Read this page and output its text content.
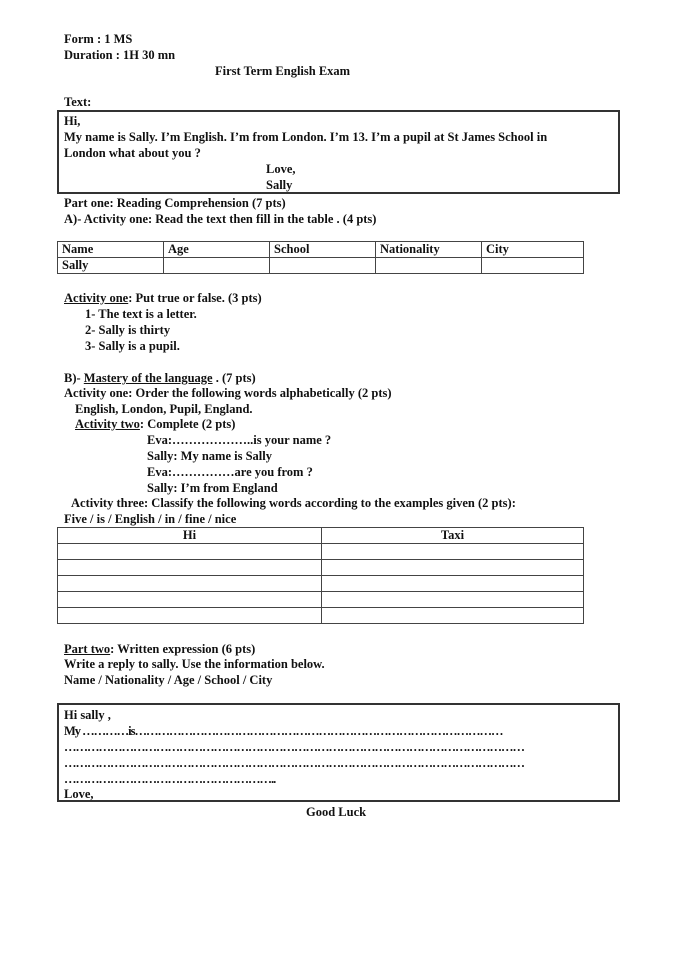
Form : 1 MS
Duration : 1H 30 mn
First Term English Exam
Text:
Hi,
My name is Sally. I’m English. I’m from London. I’m 13. I’m a pupil at St James School in
London what about you ?
Love,
Sally
Part one: Reading Comprehension (7 pts)
A)- Activity one: Read the text then fill in the table . (4 pts)
Name	Age	School	Nationality	City
Sally				
Activity one: Put true or false. (3 pts)
1- The text is a letter.
2- Sally is thirty
3- Sally is a pupil.
B)- Mastery of the language . (7 pts)
Activity one: Order the following words alphabetically (2 pts)
English, London, Pupil, England.
Activity two: Complete (2 pts)
Eva:………………..is your name ?
Sally: My name is Sally
Eva:……………are you from ?
Sally: I’m from England
Activity three: Classify the following words according to the examples given (2 pts):
Five / is / English / in / fine / nice
Hi	Taxi

Part two: Written expression (6 pts)
Write a reply to sally. Use the information below.
Name / Nationality / Age / School / City
Hi sally ,
My …………is……………………………………………………………………………………
…………………………………………………………………………………………………………
…………………………………………………………………………………………………………
………………………………………………..
Love,
Good Luck
